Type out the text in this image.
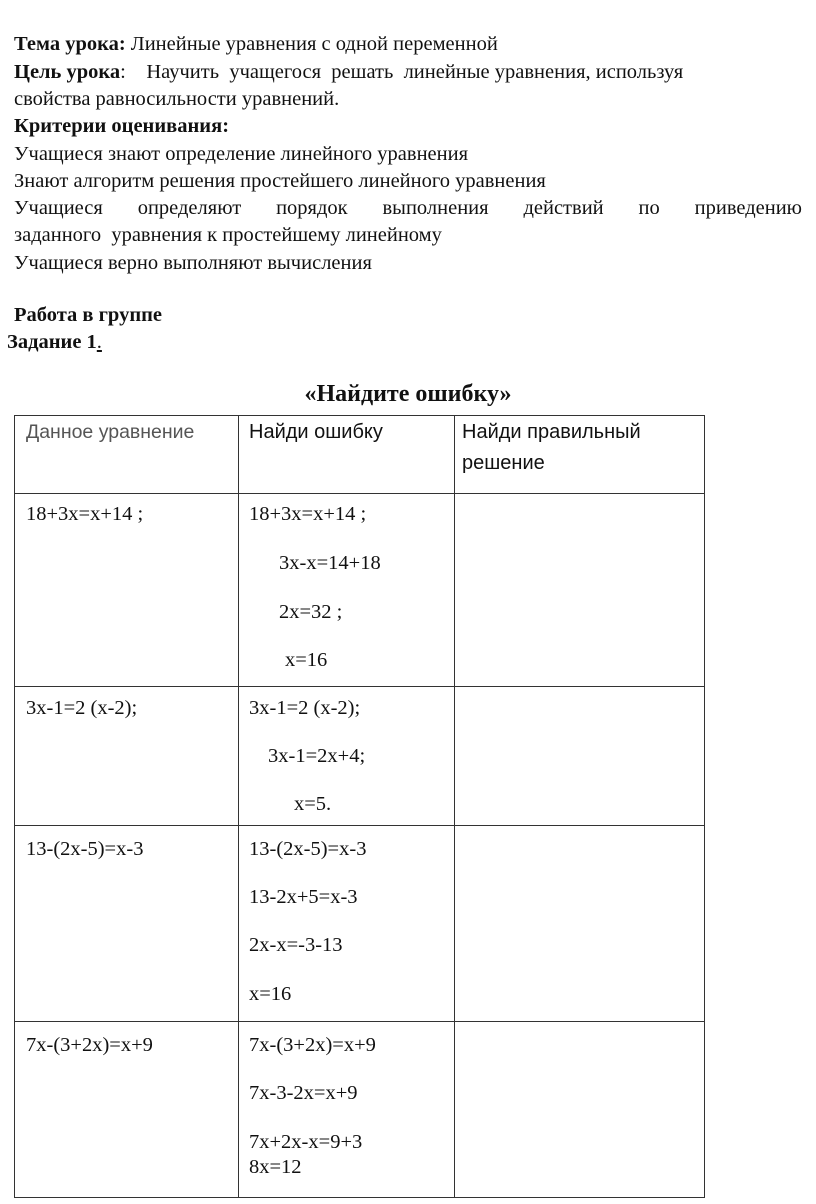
Тема урока: Линейные уравнения с одной переменной
Цель урока: Научить  учащегося  решать  линейные уравнения, используя
свойства равносильности уравнений.
Критерии оценивания:
Учащиеся знают определение линейного уравнения
Знают алгоритм решения простейшего линейного уравнения
Учащиеся определяют порядок выполнения действий по приведению
заданного  уравнения к простейшему линейному
Учащиеся верно выполняют вычисления
Работа в группе
Задание 1.
«Найдите ошибку»
Данное уравнение	Найди ошибку	Найди правильный
решение

18+3x=x+14 ;	18+3x=x+14 ;
3x-x=14+18
2x=32 ;
x=16	

3x-1=2 (x-2);	3x-1=2 (x-2);
3x-1=2x+4;
x=5.	

13-(2x-5)=x-3	13-(2x-5)=x-3
13-2x+5=x-3
2x-x=-3-13
x=16	

7x-(3+2x)=x+9	7x-(3+2x)=x+9
7x-3-2x=x+9
7x+2x-x=9+3
8x=12	
